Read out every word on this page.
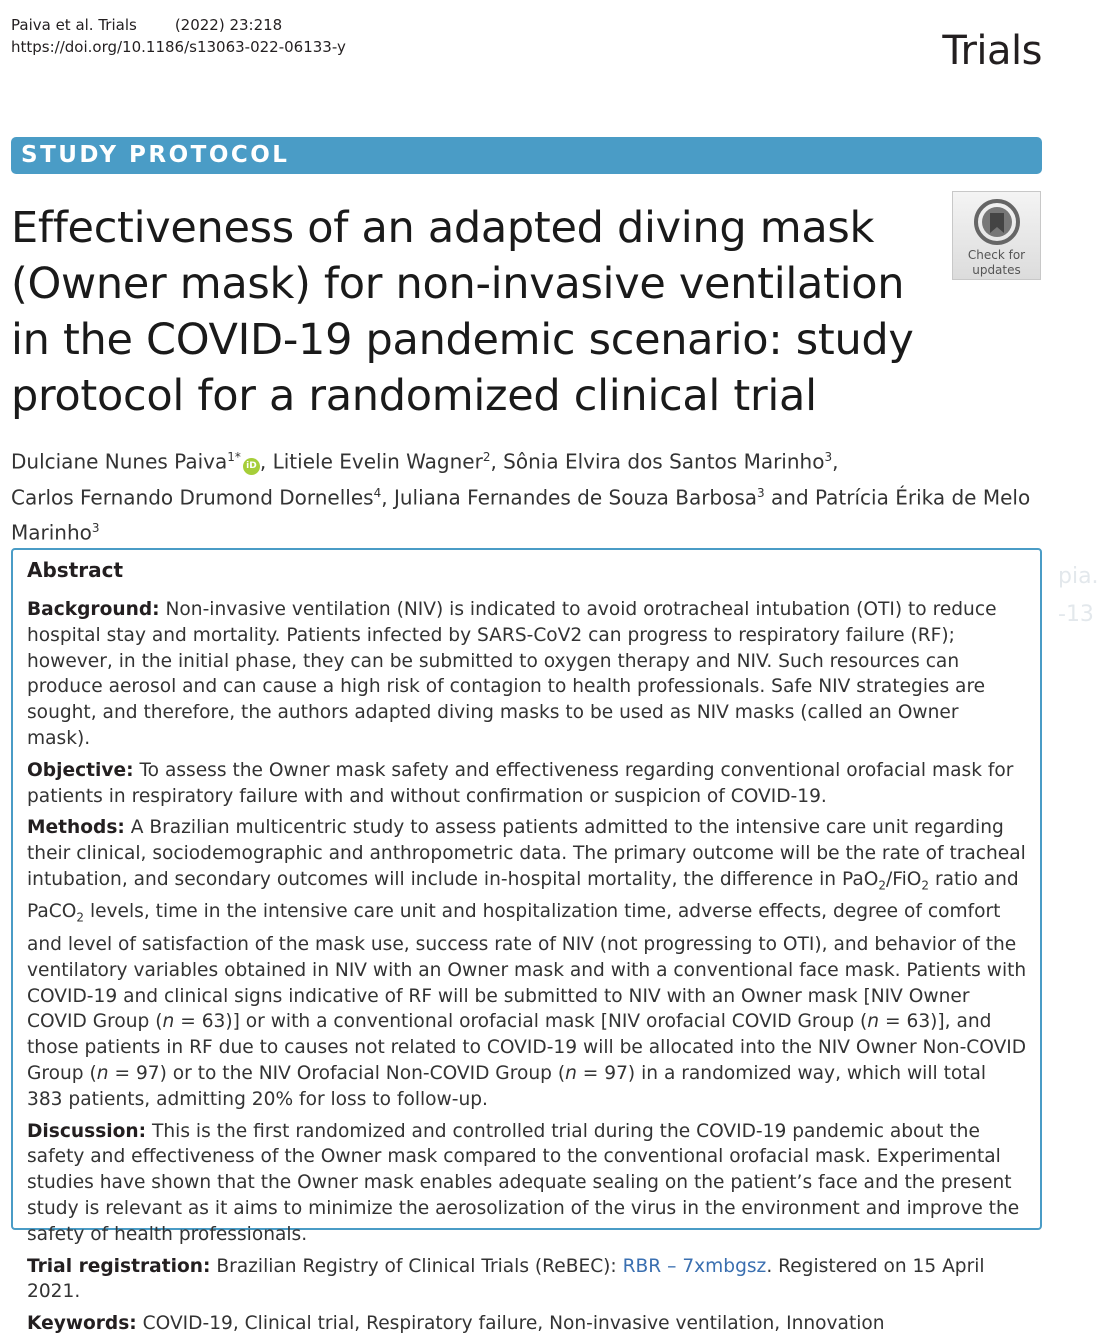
Paiva et al. Trials	(2022) 23:218
https://doi.org/10.1186/s13063-022-06133-y	Trials
STUDY PROTOCOL
Check for
updates
Effectiveness of an adapted diving mask (Owner mask) for non-invasive ventilation in the COVID-19 pandemic scenario: study protocol for a randomized clinical trial
Dulciane Nunes Paiva$^{1*}$iD , Litiele Evelin Wagner$^2$, Sônia Elvira dos Santos Marinho$^3$,
Carlos Fernando Drumond Dornelles$^4$, Juliana Fernandes de Souza Barbosa$^3$ and Patrícia Érika de Melo Marinho$^3$
Abstract

Background: Non-invasive ventilation (NIV) is indicated to avoid orotracheal intubation (OTI) to reduce hospital stay and mortality. Patients infected by SARS-CoV2 can progress to respiratory failure (RF); however, in the initial phase, they can be submitted to oxygen therapy and NIV. Such resources can produce aerosol and can cause a high risk of contagion to health professionals. Safe NIV strategies are sought, and therefore, the authors adapted diving masks to be used as NIV masks (called an Owner mask).

Objective: To assess the Owner mask safety and effectiveness regarding conventional orofacial mask for patients in respiratory failure with and without confirmation or suspicion of COVID-19.

Methods: A Brazilian multicentric study to assess patients admitted to the intensive care unit regarding their clinical, sociodemographic and anthropometric data. The primary outcome will be the rate of tracheal intubation, and secondary outcomes will include in-hospital mortality, the difference in PaO$_2$/FiO$_2$ ratio and PaCO$_2$ levels, time in the intensive care unit and hospitalization time, adverse effects, degree of comfort and level of satisfaction of the mask use, success rate of NIV (not progressing to OTI), and behavior of the ventilatory variables obtained in NIV with an Owner mask and with a conventional face mask. Patients with COVID-19 and clinical signs indicative of RF will be submitted to NIV with an Owner mask [NIV Owner COVID Group (n = 63)] or with a conventional orofacial mask [NIV orofacial COVID Group (n = 63)], and those patients in RF due to causes not related to COVID-19 will be allocated into the NIV Owner Non-COVID Group (n = 97) or to the NIV Orofacial Non-COVID Group (n = 97) in a randomized way, which will total 383 patients, admitting 20% for loss to follow-up.

Discussion: This is the first randomized and controlled trial during the COVID-19 pandemic about the safety and effectiveness of the Owner mask compared to the conventional orofacial mask. Experimental studies have shown that the Owner mask enables adequate sealing on the patient’s face and the present study is relevant as it aims to minimize the aerosolization of the virus in the environment and improve the safety of health professionals.

Trial registration: Brazilian Registry of Clinical Trials (ReBEC): RBR – 7xmbgsz. Registered on 15 April 2021.

Keywords: COVID-19, Clinical trial, Respiratory failure, Non-invasive ventilation, Innovation

pia.
-13
